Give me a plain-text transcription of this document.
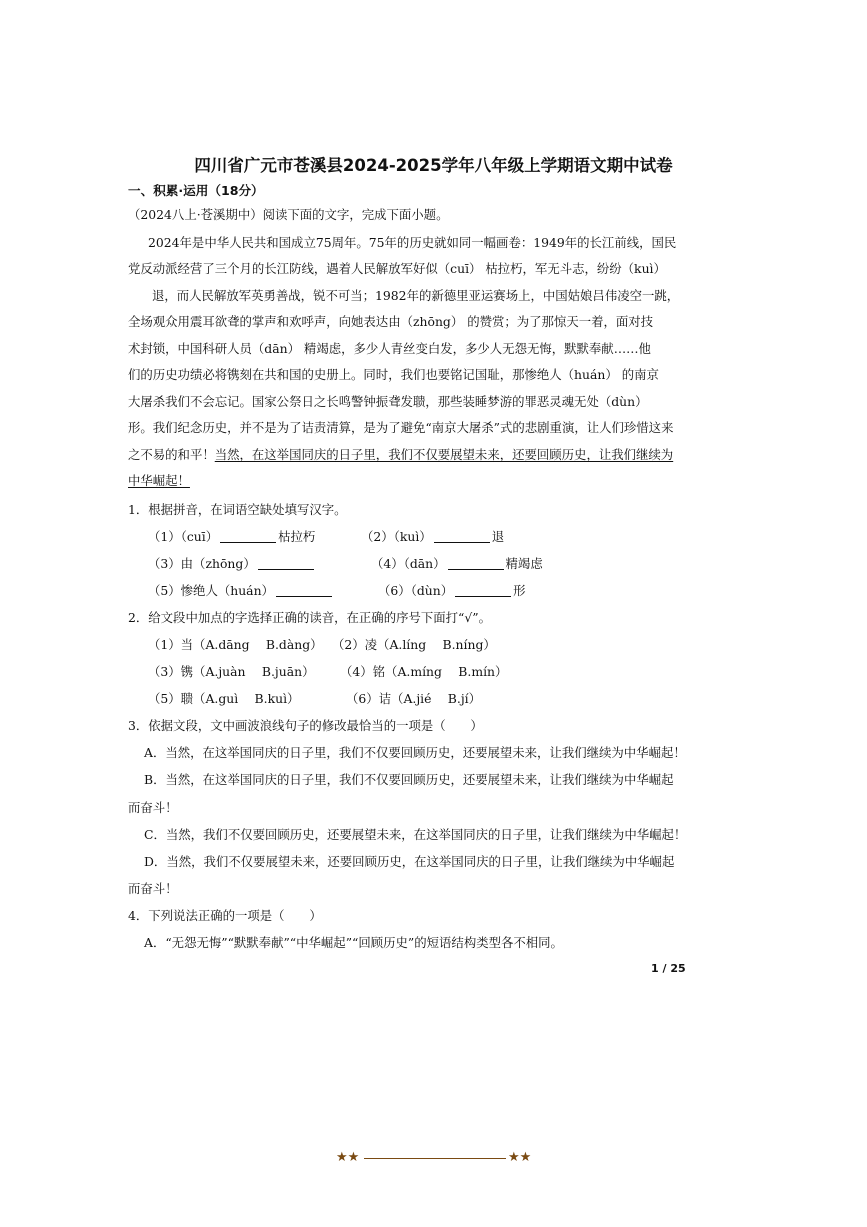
四川省广元市苍溪县2024-2025学年八年级上学期语文期中试卷
一、积累·运用（18分）
（2024八上·苍溪期中）阅读下面的文字，完成下面小题。
2024年是中华人民共和国成立75周年。75年的历史就如同一幅画卷：1949年的长江前线，国民
党反动派经营了三个月的长江防线，遇着人民解放军好似（cuī） 枯拉朽，军无斗志，纷纷（kuì）
退，而人民解放军英勇善战，锐不可当；1982年的新德里亚运赛场上，中国姑娘吕伟凌空一跳，
全场观众用震耳欲聋的掌声和欢呼声，向她表达由（zhōng） 的赞赏；为了那惊天一着，面对技
术封锁，中国科研人员（dān） 精竭虑，多少人青丝变白发，多少人无怨无悔，默默奉献……他
们的历史功绩必将镌刻在共和国的史册上。同时，我们也要铭记国耻，那惨绝人（huán） 的南京
大屠杀我们不会忘记。国家公祭日之长鸣警钟振聋发聩，那些装睡梦游的罪恶灵魂无处（dùn）
形。我们纪念历史，并不是为了诘责清算，是为了避免“南京大屠杀”式的悲剧重演，让人们珍惜这来
之不易的和平！当然，在这举国同庆的日子里，我们不仅要展望未来，还要回顾历史，让我们继续为
中华崛起！
1．根据拼音，在词语空缺处填写汉字。
（1）（cuī）	枯拉朽	（2）（kuì）	退
（3）由（zhōng）	（4）（dān）	精竭虑
（5）惨绝人（huán）	（6）（dùn）	形
2．给文段中加点的字选择正确的读音，在正确的序号下面打“√”。
（1）当（A.dāng　 B.dàng） （2）凌（A.líng　 B.níng）
（3）镌（A.juàn　 B.juān） （4）铭（A.míng　 B.mín）
（5）聩（A.guì　 B.kuì）	（6）诘（A.jié　 B.jí）
3．依据文段，文中画波浪线句子的修改最恰当的一项是（　　）
A．当然，在这举国同庆的日子里，我们不仅要回顾历史，还要展望未来，让我们继续为中华崛起！
B．当然，在这举国同庆的日子里，我们不仅要回顾历史，还要展望未来，让我们继续为中华崛起
而奋斗！
C．当然，我们不仅要回顾历史，还要展望未来，在这举国同庆的日子里，让我们继续为中华崛起！
D．当然，我们不仅要展望未来，还要回顾历史，在这举国同庆的日子里，让我们继续为中华崛起
而奋斗！
4．下列说法正确的一项是（　　）
A．“无怨无悔”“默默奉献”“中华崛起”“回顾历史”的短语结构类型各不相同。
1 / 25
★★	★★
